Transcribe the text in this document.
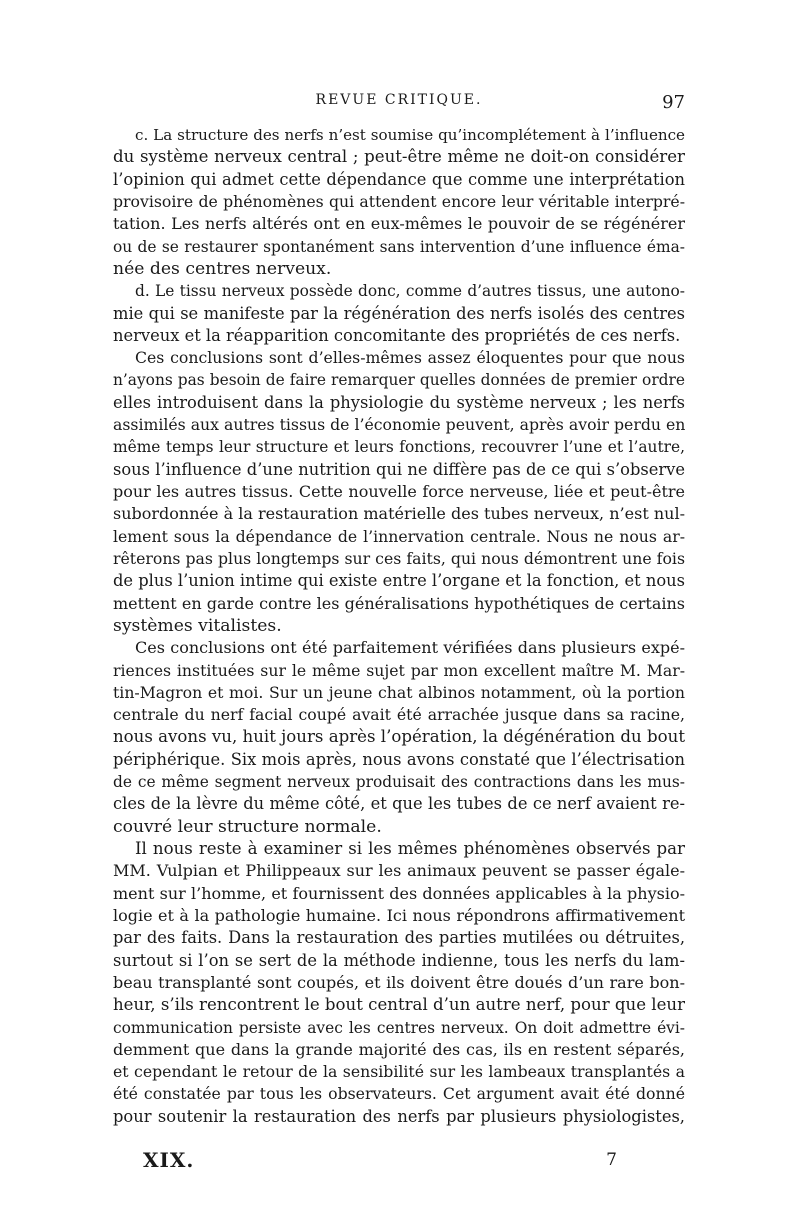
REVUE CRITIQUE.	97
c. La structure des nerfs n’est soumise qu’incomplétement à l’influence
du système nerveux central ; peut-être même ne doit-on considérer
l’opinion qui admet cette dépendance que comme une interprétation
provisoire de phénomènes qui attendent encore leur véritable interpré-
tation. Les nerfs altérés ont en eux-mêmes le pouvoir de se régénérer
ou de se restaurer spontanément sans intervention d’une influence éma-
née des centres nerveux.
d. Le tissu nerveux possède donc, comme d’autres tissus, une autono-
mie qui se manifeste par la régénération des nerfs isolés des centres
nerveux et la réapparition concomitante des propriétés de ces nerfs.
Ces conclusions sont d’elles-mêmes assez éloquentes pour que nous
n’ayons pas besoin de faire remarquer quelles données de premier ordre
elles introduisent dans la physiologie du système nerveux ; les nerfs
assimilés aux autres tissus de l’économie peuvent, après avoir perdu en
même temps leur structure et leurs fonctions, recouvrer l’une et l’autre,
sous l’influence d’une nutrition qui ne diffère pas de ce qui s’observe
pour les autres tissus. Cette nouvelle force nerveuse, liée et peut-être
subordonnée à la restauration matérielle des tubes nerveux, n’est nul-
lement sous la dépendance de l’innervation centrale. Nous ne nous ar-
rêterons pas plus longtemps sur ces faits, qui nous démontrent une fois
de plus l’union intime qui existe entre l’organe et la fonction, et nous
mettent en garde contre les généralisations hypothétiques de certains
systèmes vitalistes.
Ces conclusions ont été parfaitement vérifiées dans plusieurs expé-
riences instituées sur le même sujet par mon excellent maître M. Mar-
tin-Magron et moi. Sur un jeune chat albinos notamment, où la portion
centrale du nerf facial coupé avait été arrachée jusque dans sa racine,
nous avons vu, huit jours après l’opération, la dégénération du bout
périphérique. Six mois après, nous avons constaté que l’électrisation
de ce même segment nerveux produisait des contractions dans les mus-
cles de la lèvre du même côté, et que les tubes de ce nerf avaient re-
couvré leur structure normale.
Il nous reste à examiner si les mêmes phénomènes observés par
MM. Vulpian et Philippeaux sur les animaux peuvent se passer égale-
ment sur l’homme, et fournissent des données applicables à la physio-
logie et à la pathologie humaine. Ici nous répondrons affirmativement
par des faits. Dans la restauration des parties mutilées ou détruites,
surtout si l’on se sert de la méthode indienne, tous les nerfs du lam-
beau transplanté sont coupés, et ils doivent être doués d’un rare bon-
heur, s’ils rencontrent le bout central d’un autre nerf, pour que leur
communication persiste avec les centres nerveux. On doit admettre évi-
demment que dans la grande majorité des cas, ils en restent séparés,
et cependant le retour de la sensibilité sur les lambeaux transplantés a
été constatée par tous les observateurs. Cet argument avait été donné
pour soutenir la restauration des nerfs par plusieurs physiologistes,
XIX.	7
